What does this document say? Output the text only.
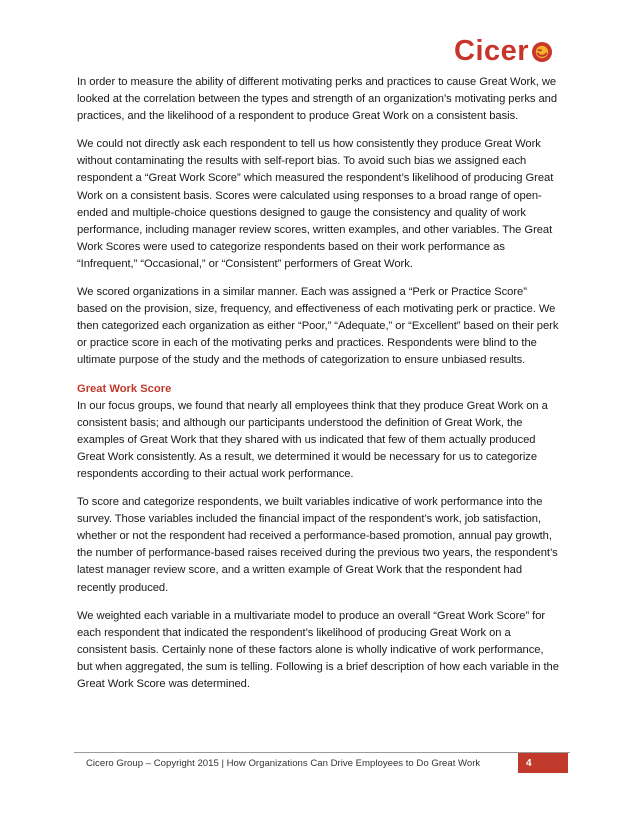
Cicer

In order to measure the ability of different motivating perks and practices to cause Great Work, we looked at the correlation between the types and strength of an organization’s motivating perks and practices, and the likelihood of a respondent to produce Great Work on a consistent basis.

We could not directly ask each respondent to tell us how consistently they produce Great Work without contaminating the results with self-report bias. To avoid such bias we assigned each respondent a “Great Work Score” which measured the respondent’s likelihood of producing Great Work on a consistent basis. Scores were calculated using responses to a broad range of open-ended and multiple-choice questions designed to gauge the consistency and quality of work performance, including manager review scores, written examples, and other variables. The Great Work Scores were used to categorize respondents based on their work performance as “Infrequent,” “Occasional,” or “Consistent” performers of Great Work.

We scored organizations in a similar manner. Each was assigned a “Perk or Practice Score” based on the provision, size, frequency, and effectiveness of each motivating perk or practice. We then categorized each organization as either “Poor,” “Adequate,” or “Excellent” based on their perk or practice score in each of the motivating perks and practices. Respondents were blind to the ultimate purpose of the study and the methods of categorization to ensure unbiased results.

Great Work Score

In our focus groups, we found that nearly all employees think that they produce Great Work on a consistent basis; and although our participants understood the definition of Great Work, the examples of Great Work that they shared with us indicated that few of them actually produced Great Work consistently. As a result, we determined it would be necessary for us to categorize respondents according to their actual work performance.

To score and categorize respondents, we built variables indicative of work performance into the survey. Those variables included the financial impact of the respondent’s work, job satisfaction, whether or not the respondent had received a performance-based promotion, annual pay growth, the number of performance-based raises received during the previous two years, the respondent’s latest manager review score, and a written example of Great Work that the respondent had recently produced.

We weighted each variable in a multivariate model to produce an overall “Great Work Score” for each respondent that indicated the respondent’s likelihood of producing Great Work on a consistent basis. Certainly none of these factors alone is wholly indicative of work performance, but when aggregated, the sum is telling. Following is a brief description of how each variable in the Great Work Score was determined.

Cicero Group – Copyright 2015 | How Organizations Can Drive Employees to Do Great Work	4
